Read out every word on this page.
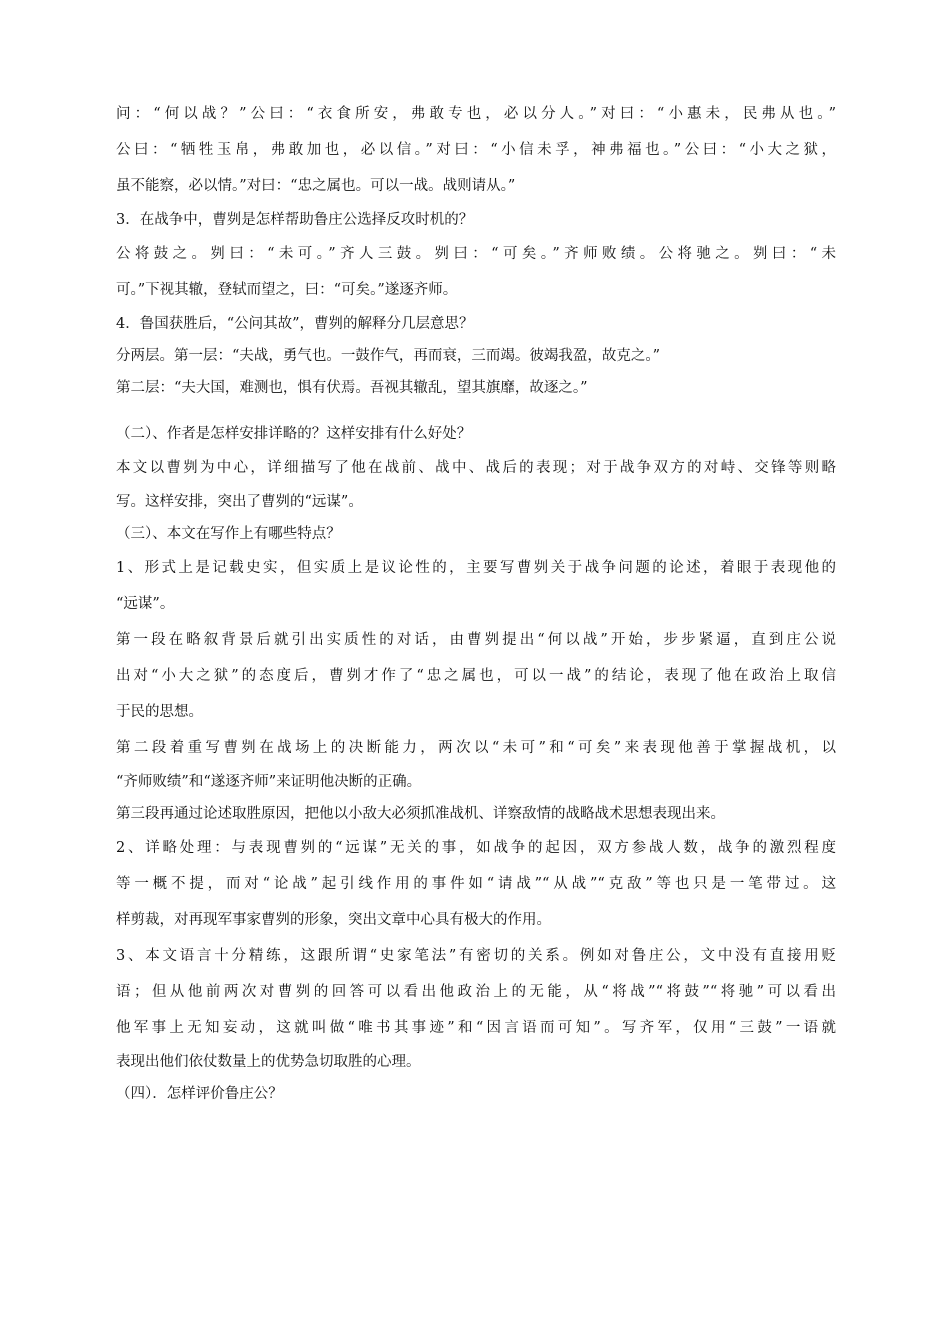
问：“何以战？”公曰：“衣食所安，弗敢专也，必以分人。”对曰：“小惠未，民弗从也。”
公曰：“牺牲玉帛，弗敢加也，必以信。”对曰：“小信未孚，神弗福也。”公曰：“小大之狱，
虽不能察，必以情。”对曰：“忠之属也。可以一战。战则请从。”
3．在战争中，曹刿是怎样帮助鲁庄公选择反攻时机的？
公将鼓之。刿曰：“未可。”齐人三鼓。刿曰：“可矣。”齐师败绩。公将驰之。刿曰：“未
可。”下视其辙，登轼而望之，曰：“可矣。”遂逐齐师。
4．鲁国获胜后，“公问其故”，曹刿的解释分几层意思？
分两层。第一层：“夫战，勇气也。一鼓作气，再而衰，三而竭。彼竭我盈，故克之。”
第二层：“夫大国，难测也，惧有伏焉。吾视其辙乱，望其旗靡，故逐之。”
（二）、作者是怎样安排详略的？这样安排有什么好处？
本文以曹刿为中心，详细描写了他在战前、战中、战后的表现；对于战争双方的对峙、交锋等则略
写。这样安排，突出了曹刿的“远谋”。
（三）、本文在写作上有哪些特点？
1、形式上是记载史实，但实质上是议论性的，主要写曹刿关于战争问题的论述，着眼于表现他的
“远谋”。
第一段在略叙背景后就引出实质性的对话，由曹刿提出“何以战”开始，步步紧逼，直到庄公说
出对“小大之狱”的态度后，曹刿才作了“忠之属也，可以一战”的结论，表现了他在政治上取信
于民的思想。
第二段着重写曹刿在战场上的决断能力，两次以“未可”和“可矣”来表现他善于掌握战机，以
“齐师败绩”和“遂逐齐师”来证明他决断的正确。
第三段再通过论述取胜原因，把他以小敌大必须抓准战机、详察敌情的战略战术思想表现出来。
2、详略处理：与表现曹刿的“远谋”无关的事，如战争的起因，双方参战人数，战争的激烈程度
等一概不提，而对“论战”起引线作用的事件如“请战”“从战”“克敌”等也只是一笔带过。这
样剪裁，对再现军事家曹刿的形象，突出文章中心具有极大的作用。
3、本文语言十分精练，这跟所谓“史家笔法”有密切的关系。例如对鲁庄公，文中没有直接用贬
语；但从他前两次对曹刿的回答可以看出他政治上的无能，从“将战”“将鼓”“将驰”可以看出
他军事上无知妄动，这就叫做“唯书其事迹”和“因言语而可知”。写齐军，仅用“三鼓”一语就
表现出他们依仗数量上的优势急切取胜的心理。
（四）．怎样评价鲁庄公？
